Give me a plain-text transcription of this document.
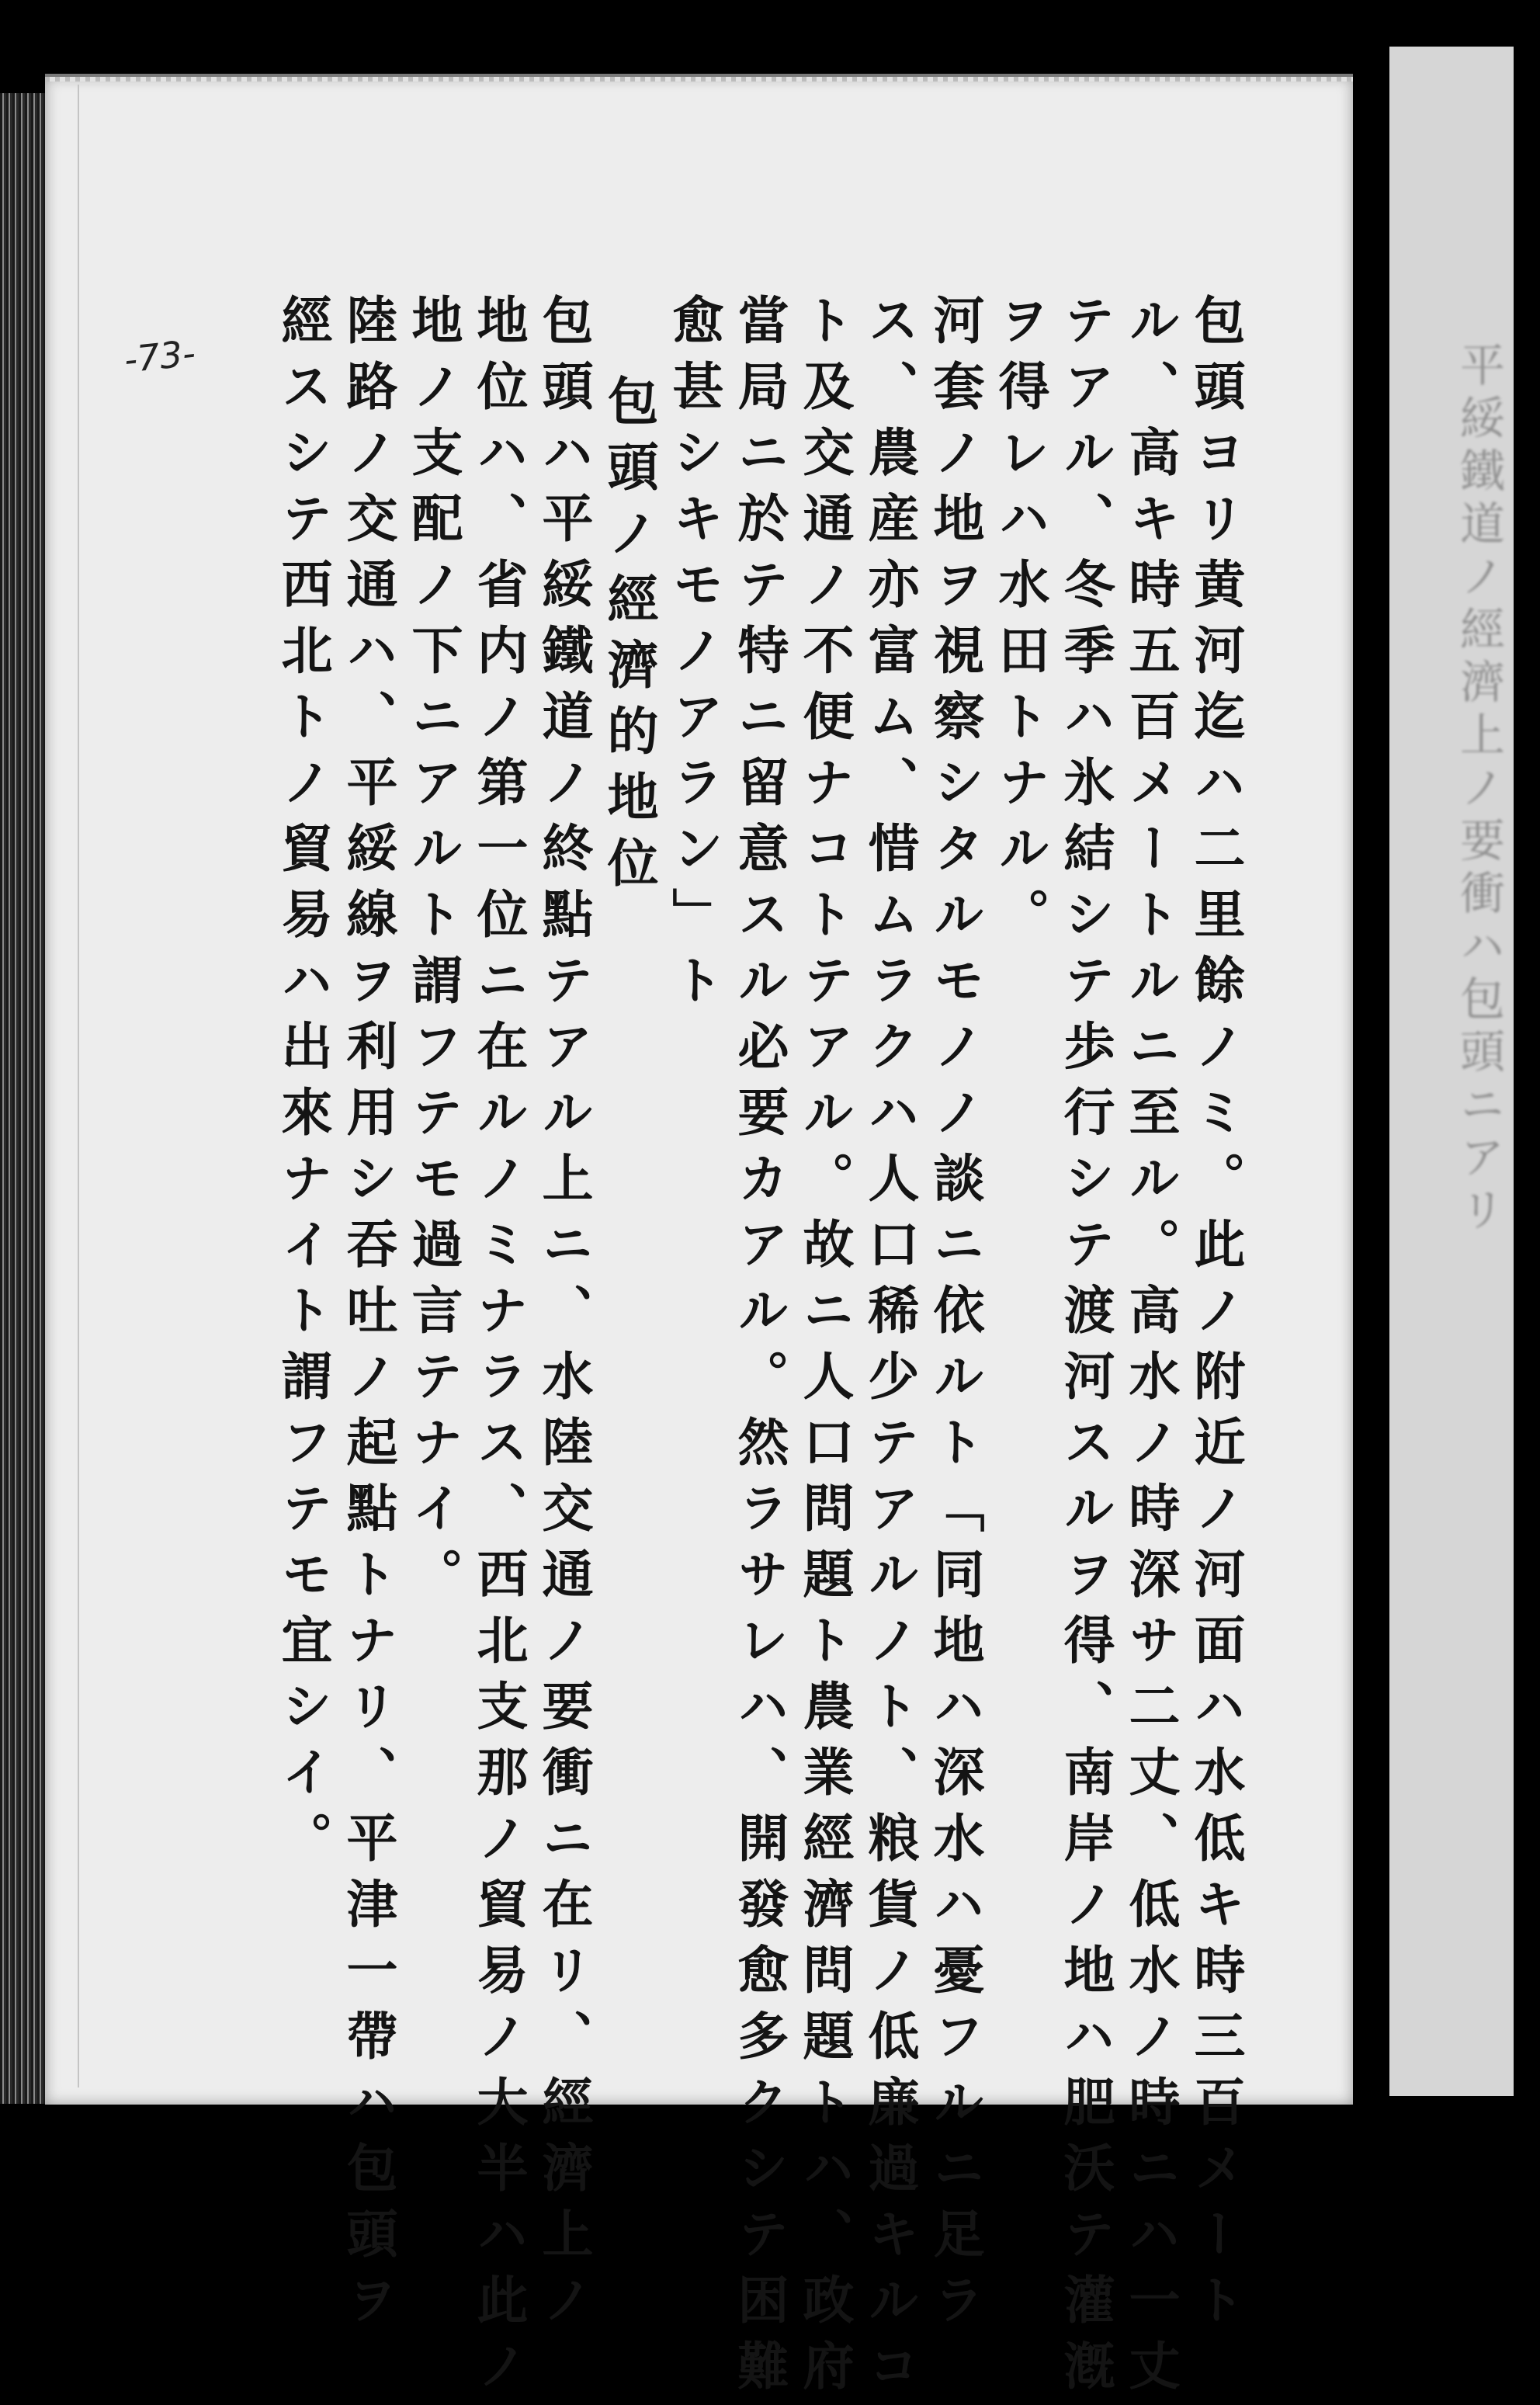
平綏鐵道ノ經濟上ノ要衝ハ包頭ニアリ
-73-	包頭ヨリ黄河迄ハ二里餘ノミ。此ノ附近ノ河面ハ水低キ時三百メート

ル、高キ時五百メートルニ至ル。高水ノ時深サ二丈、低水ノ時ニハ一丈

テアル、冬季ハ氷結シテ歩行シテ渡河スルヲ得、南岸ノ地ハ肥沃テ灌漑

ヲ得レハ水田トナル。

河套ノ地ヲ視察シタルモノノ談ニ依ルト「同地ハ深水ハ憂フルニ足ラ

ス、農産亦富ム、惜ムラクハ人口稀少テアルノト、粮貨ノ低廉過キルコ

ト及交通ノ不便ナコトテアル。故ニ人口問題ト農業經濟問題トハ、政府

當局ニ於テ特ニ留意スル必要カアル。然ラサレハ、開發愈多クシテ困難

愈甚シキモノアラン」ト

包頭ノ經濟的地位

包頭ハ平綏鐵道ノ終點テアル上ニ、水陸交通ノ要衝ニ在リ、經濟上ノ

地位ハ、省内ノ第一位ニ在ルノミナラス、西北支那ノ貿易ノ大半ハ此ノ

地ノ支配ノ下ニアルト謂フテモ過言テナイ。

陸路ノ交通ハ、平綏線ヲ利用シ吞吐ノ起點トナリ、平津一帶ハ包頭ヲ

經スシテ西北トノ貿易ハ出來ナイト謂フテモ宜シイ。
